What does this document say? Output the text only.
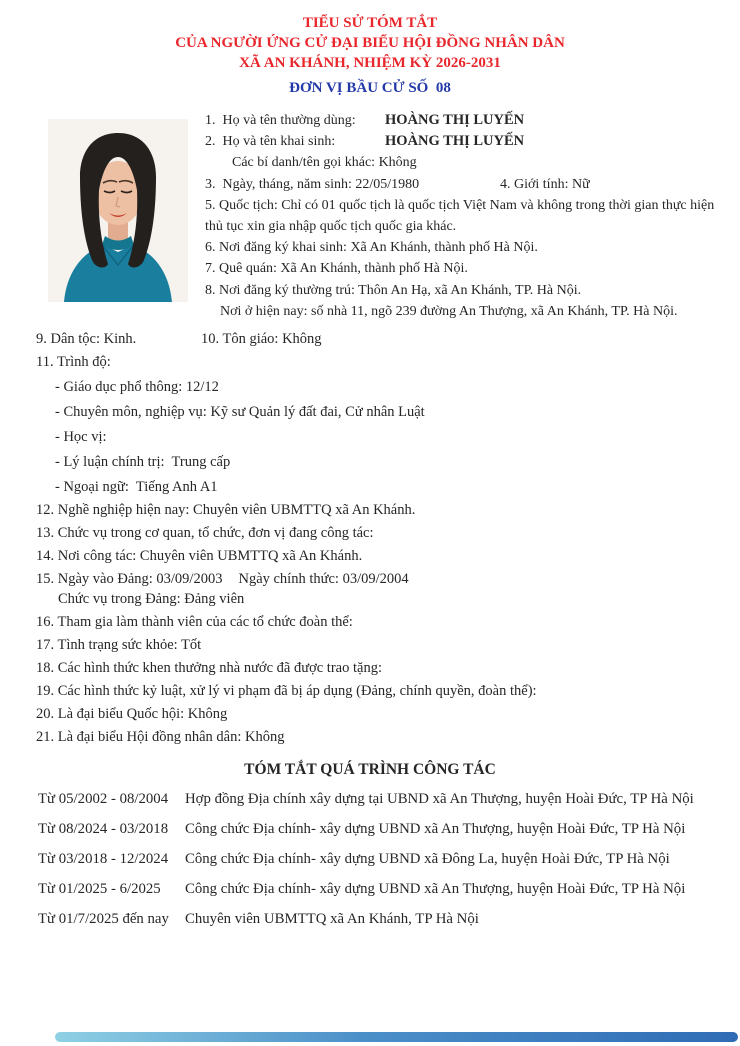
TIỂU SỬ TÓM TẮT

CỦA NGƯỜI ỨNG CỬ ĐẠI BIỂU HỘI ĐỒNG NHÂN DÂN

XÃ AN KHÁNH, NHIỆM KỲ 2026-2031

ĐƠN VỊ BẦU CỬ SỐ  08

1.  Họ và tên thường dùng: HOÀNG THỊ LUYẾN

2.  Họ và tên khai sinh:	HOÀNG THỊ LUYẾN

Các bí danh/tên gọi khác: Không

3.  Ngày, tháng, năm sinh: 22/05/1980	4. Giới tính: Nữ

5. Quốc tịch: Chỉ có 01 quốc tịch là quốc tịch Việt Nam và không trong thời gian thực hiện thủ tục xin gia nhập quốc tịch quốc gia khác.

6. Nơi đăng ký khai sinh: Xã An Khánh, thành phố Hà Nội.

7. Quê quán: Xã An Khánh, thành phố Hà Nội.

8. Nơi đăng ký thường trú: Thôn An Hạ, xã An Khánh, TP. Hà Nội.

Nơi ở hiện nay: số nhà 11, ngõ 239 đường An Thượng, xã An Khánh, TP. Hà Nội.

9. Dân tộc: Kinh.	10. Tôn giáo: Không

11. Trình độ:

- Giáo dục phổ thông: 12/12

- Chuyên môn, nghiệp vụ: Kỹ sư Quản lý đất đai, Cử nhân Luật

- Học vị:

- Lý luận chính trị:  Trung cấp

- Ngoại ngữ:  Tiếng Anh A1

12. Nghề nghiệp hiện nay: Chuyên viên UBMTTQ xã An Khánh.

13. Chức vụ trong cơ quan, tổ chức, đơn vị đang công tác:

14. Nơi công tác: Chuyên viên UBMTTQ xã An Khánh.

15. Ngày vào Đảng: 03/09/2003 Ngày chính thức: 03/09/2004

Chức vụ trong Đảng: Đảng viên

16. Tham gia làm thành viên của các tổ chức đoàn thể:

17. Tình trạng sức khỏe: Tốt

18. Các hình thức khen thưởng nhà nước đã được trao tặng:

19. Các hình thức kỷ luật, xử lý vi phạm đã bị áp dụng (Đảng, chính quyền, đoàn thể):

20. Là đại biểu Quốc hội: Không

21. Là đại biểu Hội đồng nhân dân: Không

TÓM TẮT QUÁ TRÌNH CÔNG TÁC
Từ 05/2002 - 08/2004	Hợp đồng Địa chính xây dựng tại UBND xã An Thượng, huyện Hoài Đức, TP Hà Nội
Từ 08/2024 - 03/2018	Công chức Địa chính- xây dựng UBND xã An Thượng, huyện Hoài Đức, TP Hà Nội
Từ 03/2018 - 12/2024	Công chức Địa chính- xây dựng UBND xã Đông La, huyện Hoài Đức, TP Hà Nội
Từ 01/2025 - 6/2025	Công chức Địa chính- xây dựng UBND xã An Thượng, huyện Hoài Đức, TP Hà Nội
Từ 01/7/2025 đến nay	Chuyên viên UBMTTQ xã An Khánh, TP Hà Nội
